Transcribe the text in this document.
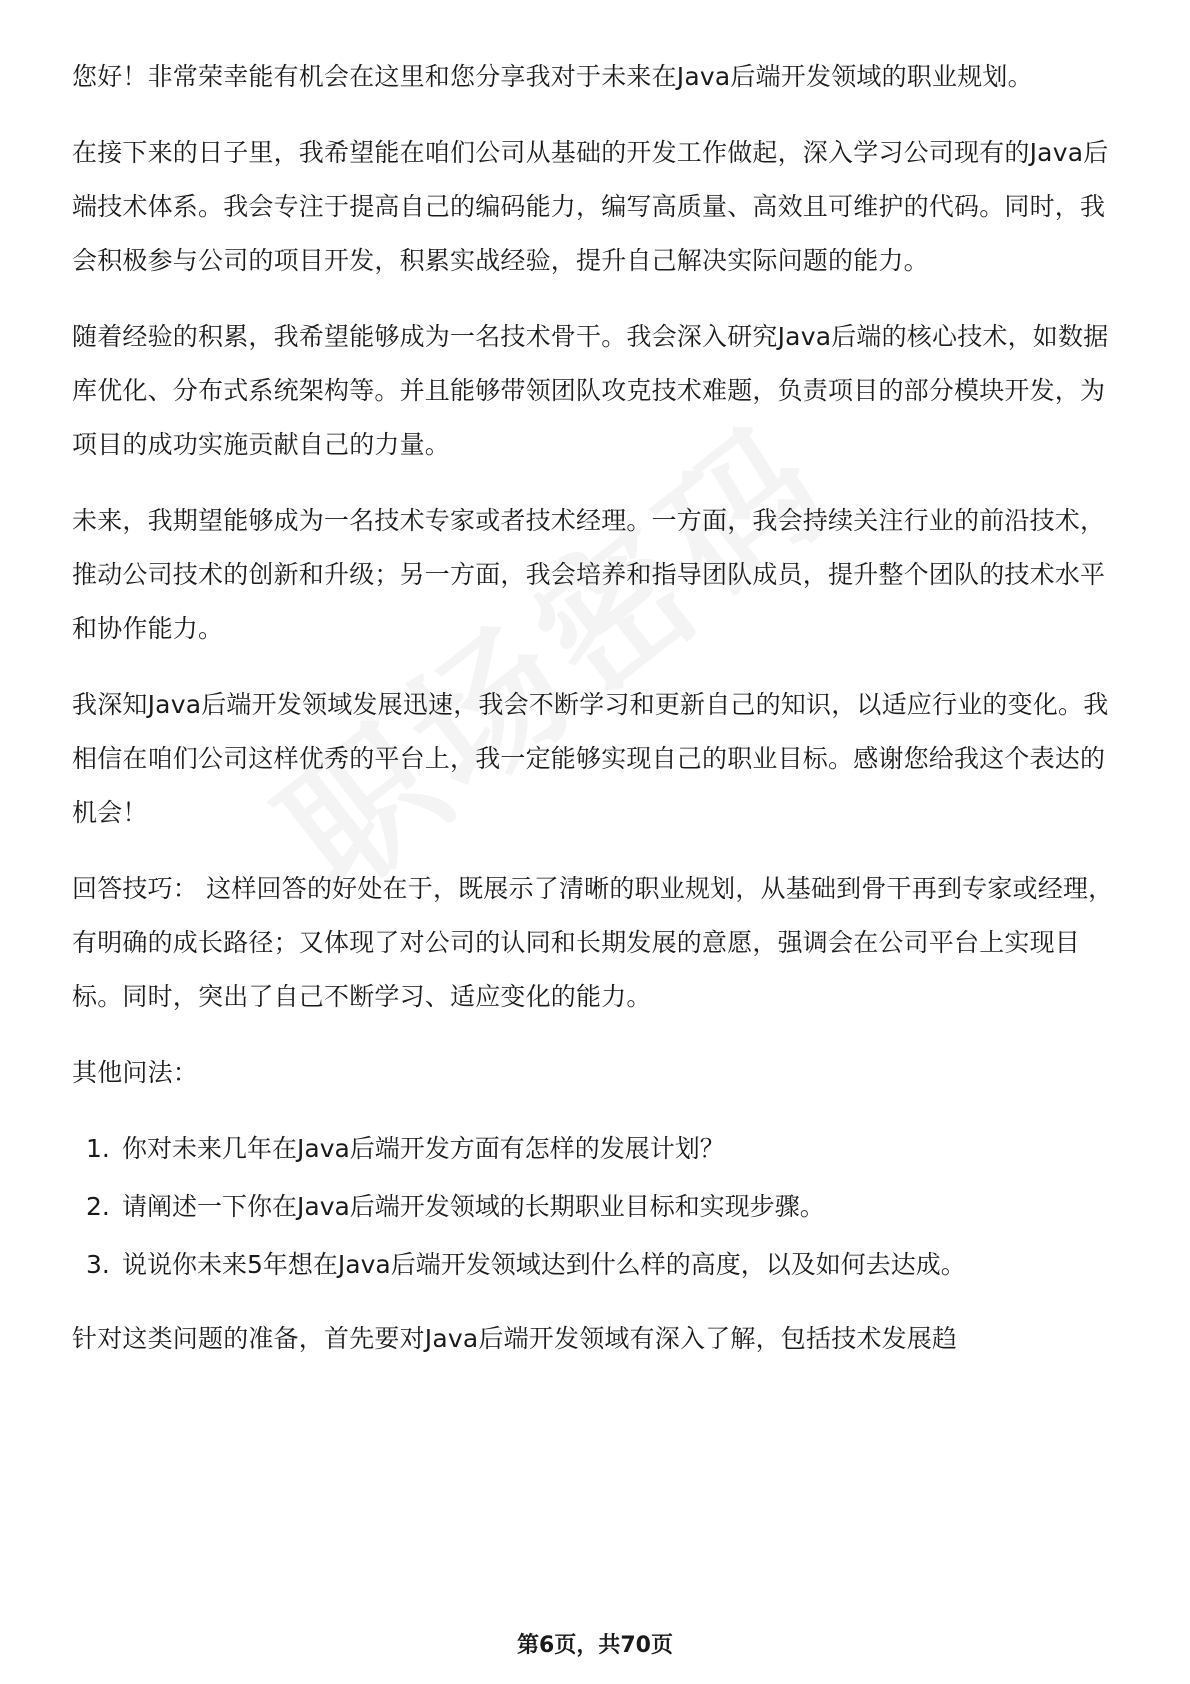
您好！非常荣幸能有机会在这里和您分享我对于未来在Java后端开发领域的职业规划。

在接下来的日子里，我希望能在咱们公司从基础的开发工作做起，深入学习公司现有的Java后端技术体系。我会专注于提高自己的编码能力，编写高质量、高效且可维护的代码。同时，我会积极参与公司的项目开发，积累实战经验，提升自己解决实际问题的能力。

随着经验的积累，我希望能够成为一名技术骨干。我会深入研究Java后端的核心技术，如数据库优化、分布式系统架构等。并且能够带领团队攻克技术难题，负责项目的部分模块开发，为项目的成功实施贡献自己的力量。

未来，我期望能够成为一名技术专家或者技术经理。一方面，我会持续关注行业的前沿技术，推动公司技术的创新和升级；另一方面，我会培养和指导团队成员，提升整个团队的技术水平和协作能力。

我深知Java后端开发领域发展迅速，我会不断学习和更新自己的知识，以适应行业的变化。我相信在咱们公司这样优秀的平台上，我一定能够实现自己的职业目标。感谢您给我这个表达的机会！

回答技巧： 这样回答的好处在于，既展示了清晰的职业规划，从基础到骨干再到专家或经理，有明确的成长路径；又体现了对公司的认同和长期发展的意愿，强调会在公司平台上实现目标。同时，突出了自己不断学习、适应变化的能力。

其他问法：

1. 你对未来几年在Java后端开发方面有怎样的发展计划？
2. 请阐述一下你在Java后端开发领域的长期职业目标和实现步骤。
3. 说说你未来5年想在Java后端开发领域达到什么样的高度，以及如何去达成。

针对这类问题的准备，首先要对Java后端开发领域有深入了解，包括技术发展趋

第6页，共70页
